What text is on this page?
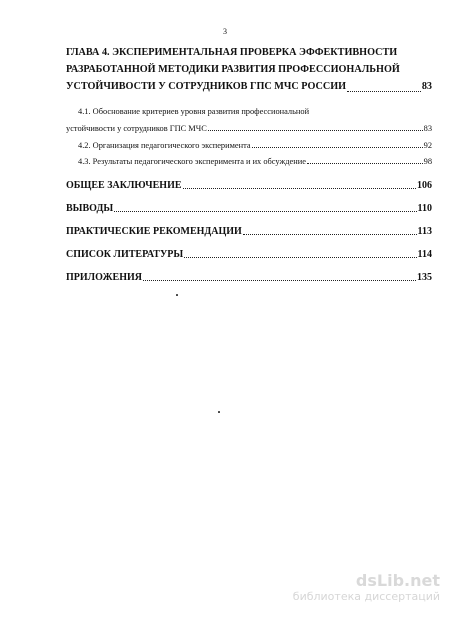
3
ГЛАВА 4. ЭКСПЕРИМЕНТАЛЬНАЯ ПРОВЕРКА ЭФФЕКТИВНОСТИ
РАЗРАБОТАННОЙ МЕТОДИКИ РАЗВИТИЯ ПРОФЕССИОНАЛЬНОЙ
УСТОЙЧИВОСТИ У СОТРУДНИКОВ ГПС МЧС РОССИИ	83
4.1. Обоснование критериев уровня развития профессиональной
устойчивости у сотрудников ГПС МЧС	83
4.2. Организация педагогического эксперимента	92
4.3. Результаты педагогического эксперимента и их обсуждение	98
ОБЩЕЕ ЗАКЛЮЧЕНИЕ	106
ВЫВОДЫ	110
ПРАКТИЧЕСКИЕ РЕКОМЕНДАЦИИ	113
СПИСОК ЛИТЕРАТУРЫ	114
ПРИЛОЖЕНИЯ	135
dsLib.net
библиотека диссертаций
